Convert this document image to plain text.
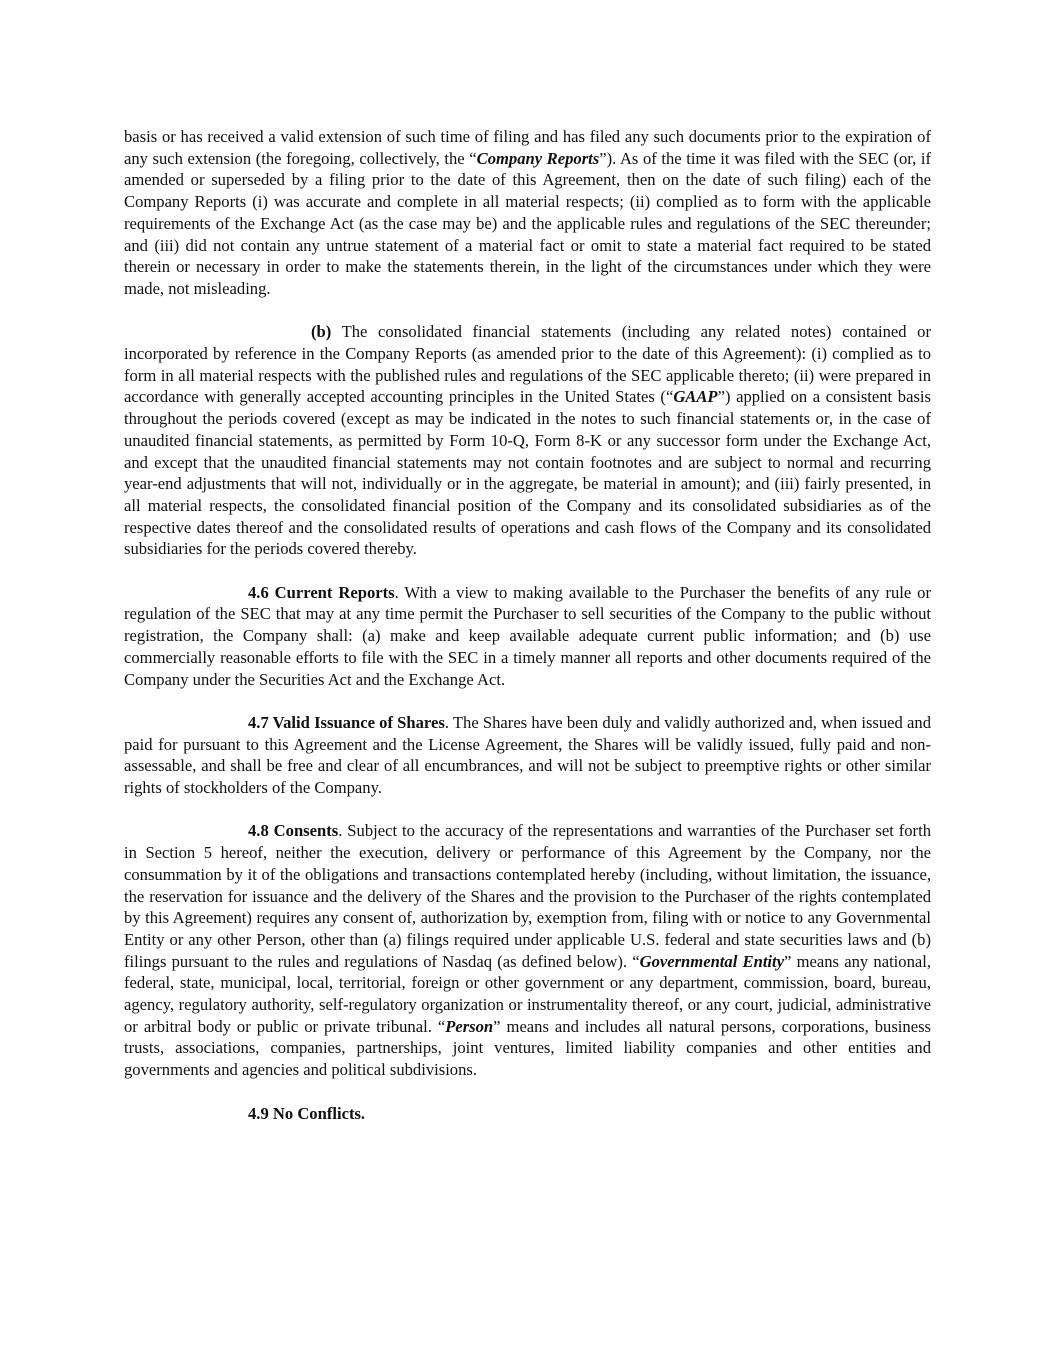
basis or has received a valid extension of such time of filing and has filed any such documents prior to the expiration of any such extension (the foregoing, collectively, the “Company Reports”). As of the time it was filed with the SEC (or, if amended or superseded by a filing prior to the date of this Agreement, then on the date of such filing) each of the Company Reports (i) was accurate and complete in all material respects; (ii) complied as to form with the applicable requirements of the Exchange Act (as the case may be) and the applicable rules and regulations of the SEC thereunder; and (iii) did not contain any untrue statement of a material fact or omit to state a material fact required to be stated therein or necessary in order to make the statements therein, in the light of the circumstances under which they were made, not misleading.

(b) The consolidated financial statements (including any related notes) contained or incorporated by reference in the Company Reports (as amended prior to the date of this Agreement): (i) complied as to form in all material respects with the published rules and regulations of the SEC applicable thereto; (ii) were prepared in accordance with generally accepted accounting principles in the United States (“GAAP”) applied on a consistent basis throughout the periods covered (except as may be indicated in the notes to such financial statements or, in the case of unaudited financial statements, as permitted by Form 10-Q, Form 8-K or any successor form under the Exchange Act, and except that the unaudited financial statements may not contain footnotes and are subject to normal and recurring year-end adjustments that will not, individually or in the aggregate, be material in amount); and (iii) fairly presented, in all material respects, the consolidated financial position of the Company and its consolidated subsidiaries as of the respective dates thereof and the consolidated results of operations and cash flows of the Company and its consolidated subsidiaries for the periods covered thereby.

4.6 Current Reports. With a view to making available to the Purchaser the benefits of any rule or regulation of the SEC that may at any time permit the Purchaser to sell securities of the Company to the public without registration, the Company shall: (a) make and keep available adequate current public information; and (b) use commercially reasonable efforts to file with the SEC in a timely manner all reports and other documents required of the Company under the Securities Act and the Exchange Act.

4.7 Valid Issuance of Shares. The Shares have been duly and validly authorized and, when issued and paid for pursuant to this Agreement and the License Agreement, the Shares will be validly issued, fully paid and non-assessable, and shall be free and clear of all encumbrances, and will not be subject to preemptive rights or other similar rights of stockholders of the Company.

4.8 Consents. Subject to the accuracy of the representations and warranties of the Purchaser set forth in Section 5 hereof, neither the execution, delivery or performance of this Agreement by the Company, nor the consummation by it of the obligations and transactions contemplated hereby (including, without limitation, the issuance, the reservation for issuance and the delivery of the Shares and the provision to the Purchaser of the rights contemplated by this Agreement) requires any consent of, authorization by, exemption from, filing with or notice to any Governmental Entity or any other Person, other than (a) filings required under applicable U.S. federal and state securities laws and (b) filings pursuant to the rules and regulations of Nasdaq (as defined below). “Governmental Entity” means any national, federal, state, municipal, local, territorial, foreign or other government or any department, commission, board, bureau, agency, regulatory authority, self-regulatory organization or instrumentality thereof, or any court, judicial, administrative or arbitral body or public or private tribunal. “Person” means and includes all natural persons, corporations, business trusts, associations, companies, partnerships, joint ventures, limited liability companies and other entities and governments and agencies and political subdivisions.

4.9 No Conflicts.
